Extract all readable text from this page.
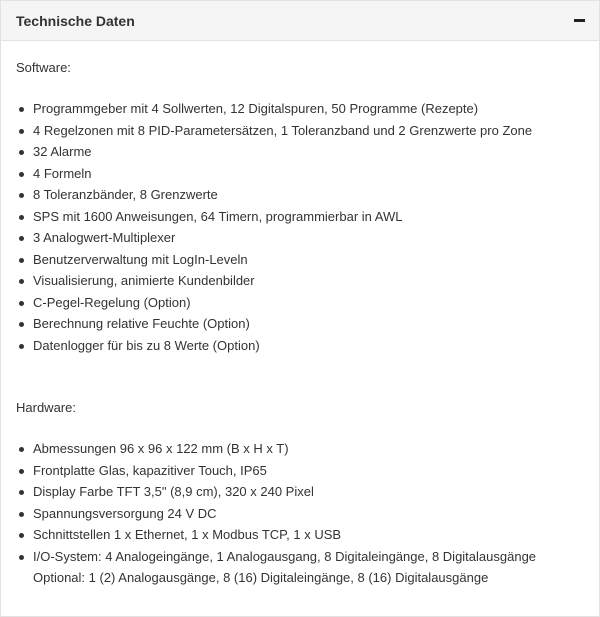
Technische Daten

Software:

Programmgeber mit 4 Sollwerten, 12 Digitalspuren, 50 Programme (Rezepte)
4 Regelzonen mit 8 PID-Parametersätzen, 1 Toleranzband und 2 Grenzwerte pro Zone
32 Alarme
4 Formeln
8 Toleranzbänder, 8 Grenzwerte
SPS mit 1600 Anweisungen, 64 Timern, programmierbar in AWL
3 Analogwert-Multiplexer
Benutzerverwaltung mit LogIn-Leveln
Visualisierung, animierte Kundenbilder
C-Pegel-Regelung (Option)
Berechnung relative Feuchte (Option)
Datenlogger für bis zu 8 Werte (Option)

Hardware:

Abmessungen 96 x 96 x 122 mm (B x H x T)
Frontplatte Glas, kapazitiver Touch, IP65
Display Farbe TFT 3,5" (8,9 cm), 320 x 240 Pixel
Spannungsversorgung 24 V DC
Schnittstellen 1 x Ethernet, 1 x Modbus TCP, 1 x USB
I/O-System: 4 Analogeingänge, 1 Analogausgang, 8 Digitaleingänge, 8 Digitalausgänge
Optional: 1 (2) Analogausgänge, 8 (16) Digitaleingänge, 8 (16) Digitalausgänge
